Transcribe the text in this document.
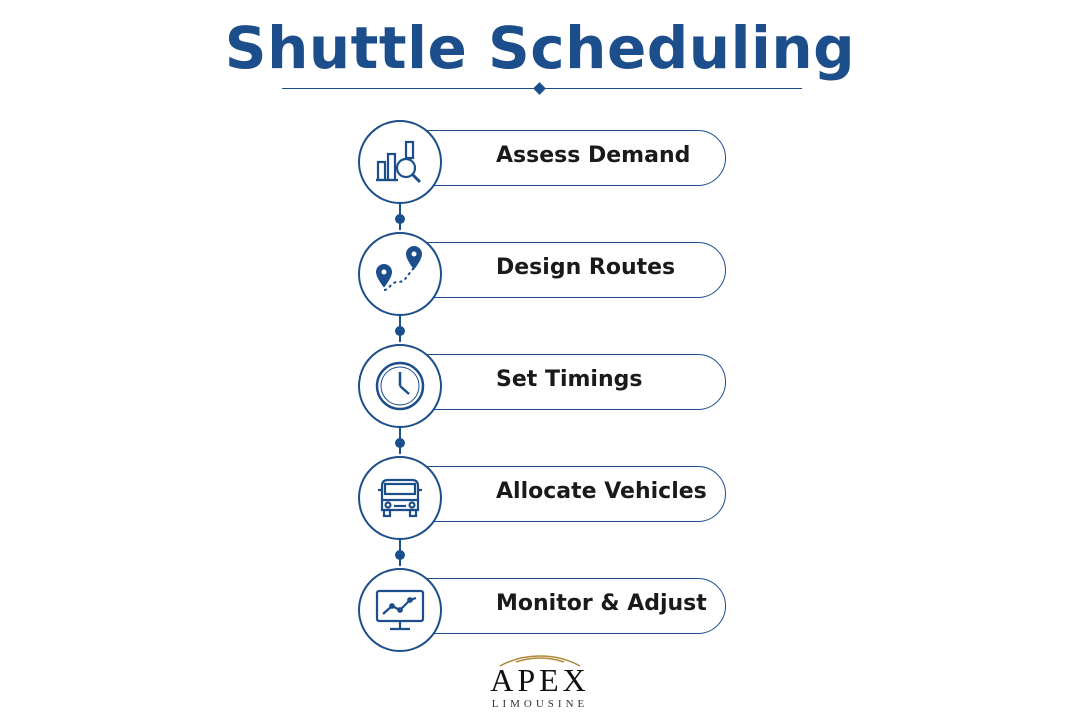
Shuttle Scheduling
Assess Demand
Design Routes
Set Timings
Allocate Vehicles
Monitor & Adjust
APEX
LIMOUSINE
